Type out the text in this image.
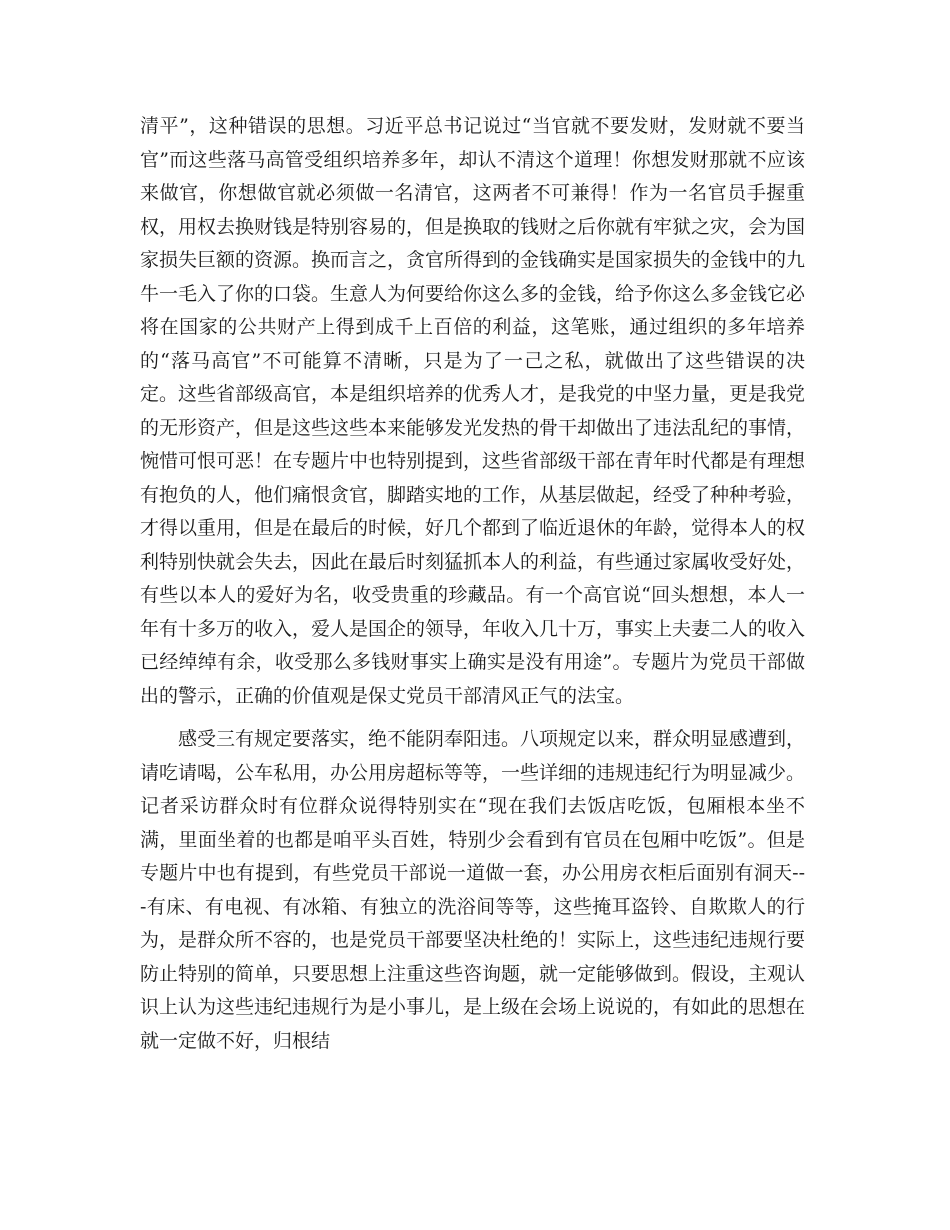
清平”，这种错误的思想。习近平总书记说过“当官就不要发财，发财就不要当官”而这些落马高管受组织培养多年，却认不清这个道理！你想发财那就不应该来做官，你想做官就必须做一名清官，这两者不可兼得！作为一名官员手握重权，用权去换财钱是特别容易的，但是换取的钱财之后你就有牢狱之灾，会为国家损失巨额的资源。换而言之，贪官所得到的金钱确实是国家损失的金钱中的九牛一毛入了你的口袋。生意人为何要给你这么多的金钱，给予你这么多金钱它必将在国家的公共财产上得到成千上百倍的利益，这笔账，通过组织的多年培养的“落马高官”不可能算不清晰，只是为了一己之私，就做出了这些错误的决定。这些省部级高官，本是组织培养的优秀人才，是我党的中坚力量，更是我党的无形资产，但是这些这些本来能够发光发热的骨干却做出了违法乱纪的事情，惋惜可恨可恶！在专题片中也特别提到，这些省部级干部在青年时代都是有理想有抱负的人，他们痛恨贪官，脚踏实地的工作，从基层做起，经受了种种考验，才得以重用，但是在最后的时候，好几个都到了临近退休的年龄，觉得本人的权利特别快就会失去，因此在最后时刻猛抓本人的利益，有些通过家属收受好处，有些以本人的爱好为名，收受贵重的珍藏品。有一个高官说“回头想想，本人一年有十多万的收入，爱人是国企的领导，年收入几十万，事实上夫妻二人的收入已经绰绰有余，收受那么多钱财事实上确实是没有用途”。专题片为党员干部做出的警示，正确的价值观是保丈党员干部清风正气的法宝。

感受三有规定要落实，绝不能阴奉阳违。八项规定以来，群众明显感遭到，请吃请喝，公车私用，办公用房超标等等，一些详细的违规违纪行为明显减少。记者采访群众时有位群众说得特别实在“现在我们去饭店吃饭，包厢根本坐不满，里面坐着的也都是咱平头百姓，特别少会看到有官员在包厢中吃饭”。但是专题片中也有提到，有些党员干部说一道做一套，办公用房衣柜后面别有洞天---有床、有电视、有冰箱、有独立的洗浴间等等，这些掩耳盗铃、自欺欺人的行为，是群众所不容的，也是党员干部要坚决杜绝的！实际上，这些违纪违规行要防止特别的简单，只要思想上注重这些咨询题，就一定能够做到。假设，主观认识上认为这些违纪违规行为是小事儿，是上级在会场上说说的，有如此的思想在就一定做不好，归根结
